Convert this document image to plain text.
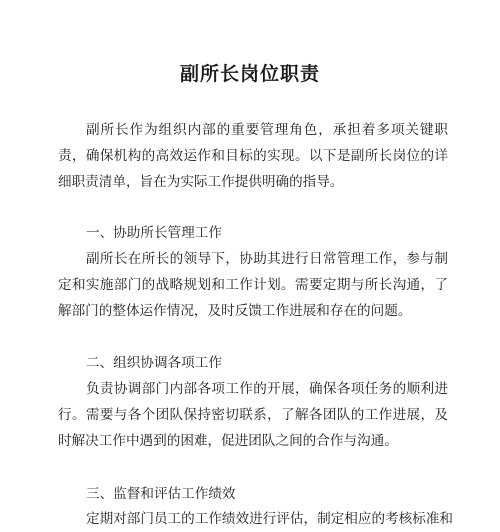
副所长岗位职责

副所长作为组织内部的重要管理角色，承担着多项关键职责，确保机构的高效运作和目标的实现。以下是副所长岗位的详细职责清单，旨在为实际工作提供明确的指导。

一、协助所长管理工作

副所长在所长的领导下，协助其进行日常管理工作，参与制定和实施部门的战略规划和工作计划。需要定期与所长沟通，了解部门的整体运作情况，及时反馈工作进展和存在的问题。

二、组织协调各项工作

负责协调部门内部各项工作的开展，确保各项任务的顺利进行。需要与各个团队保持密切联系，了解各团队的工作进展，及时解决工作中遇到的困难，促进团队之间的合作与沟通。

三、监督和评估工作绩效

定期对部门员工的工作绩效进行评估，制定相应的考核标准和
